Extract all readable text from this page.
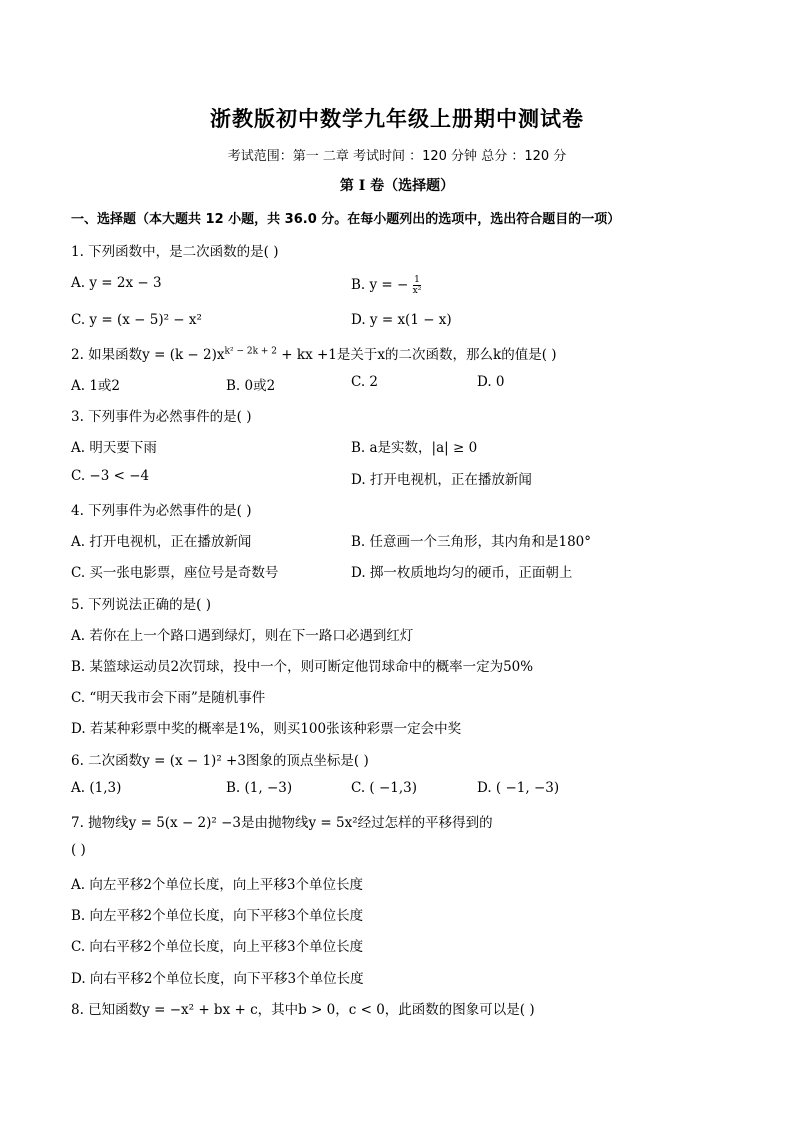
浙教版初中数学九年级上册期中测试卷
考试范围：第一 二章 考试时间 ：120 分钟 总分 ：120 分
第 I 卷（选择题）
一、选择题（本大题共 12 小题，共 36.0 分。在每小题列出的选项中，选出符合题目的一项）
1. 下列函数中，是二次函数的是( )
A. y = 2x − 3	B. y = − $\frac{1}{\text{x²}}$
C. y = (x − 5)² − x²	D. y = x(1 − x)
2. 如果函数$y = (k - 2)x^{k^2 - 2k + 2}$ + kx +1是关于x的二次函数，那么k的值是( )
A. 1或2	B. 0或2	C. 2	D. 0
3. 下列事件为必然事件的是( )
A. 明天要下雨	B. a是实数，|a| ≥ 0
C. −3 < −4	D. 打开电视机，正在播放新闻
4. 下列事件为必然事件的是( )
A. 打开电视机，正在播放新闻	B. 任意画一个三角形，其内角和是180°
C. 买一张电影票，座位号是奇数号	D. 掷一枚质地均匀的硬币，正面朝上
5. 下列说法正确的是( )
A. 若你在上一个路口遇到绿灯，则在下一路口必遇到红灯
B. 某篮球运动员2次罚球，投中一个，则可断定他罚球命中的概率一定为50%
C. “明天我市会下雨”是随机事件
D. 若某种彩票中奖的概率是1%，则买100张该种彩票一定会中奖
6. 二次函数y = (x − 1)² +3图象的顶点坐标是( )
A. (1,3)	B. (1, −3)	C. ( −1,3)	D. ( −1, −3)
7. 抛物线y = 5(x − 2)² −3是由抛物线y = 5x²经过怎样的平移得到的
( )
A. 向左平移2个单位长度，向上平移3个单位长度
B. 向左平移2个单位长度，向下平移3个单位长度
C. 向右平移2个单位长度，向上平移3个单位长度
D. 向右平移2个单位长度，向下平移3个单位长度
8. 已知函数y = −x² + bx + c，其中b > 0，c < 0，此函数的图象可以是( )
